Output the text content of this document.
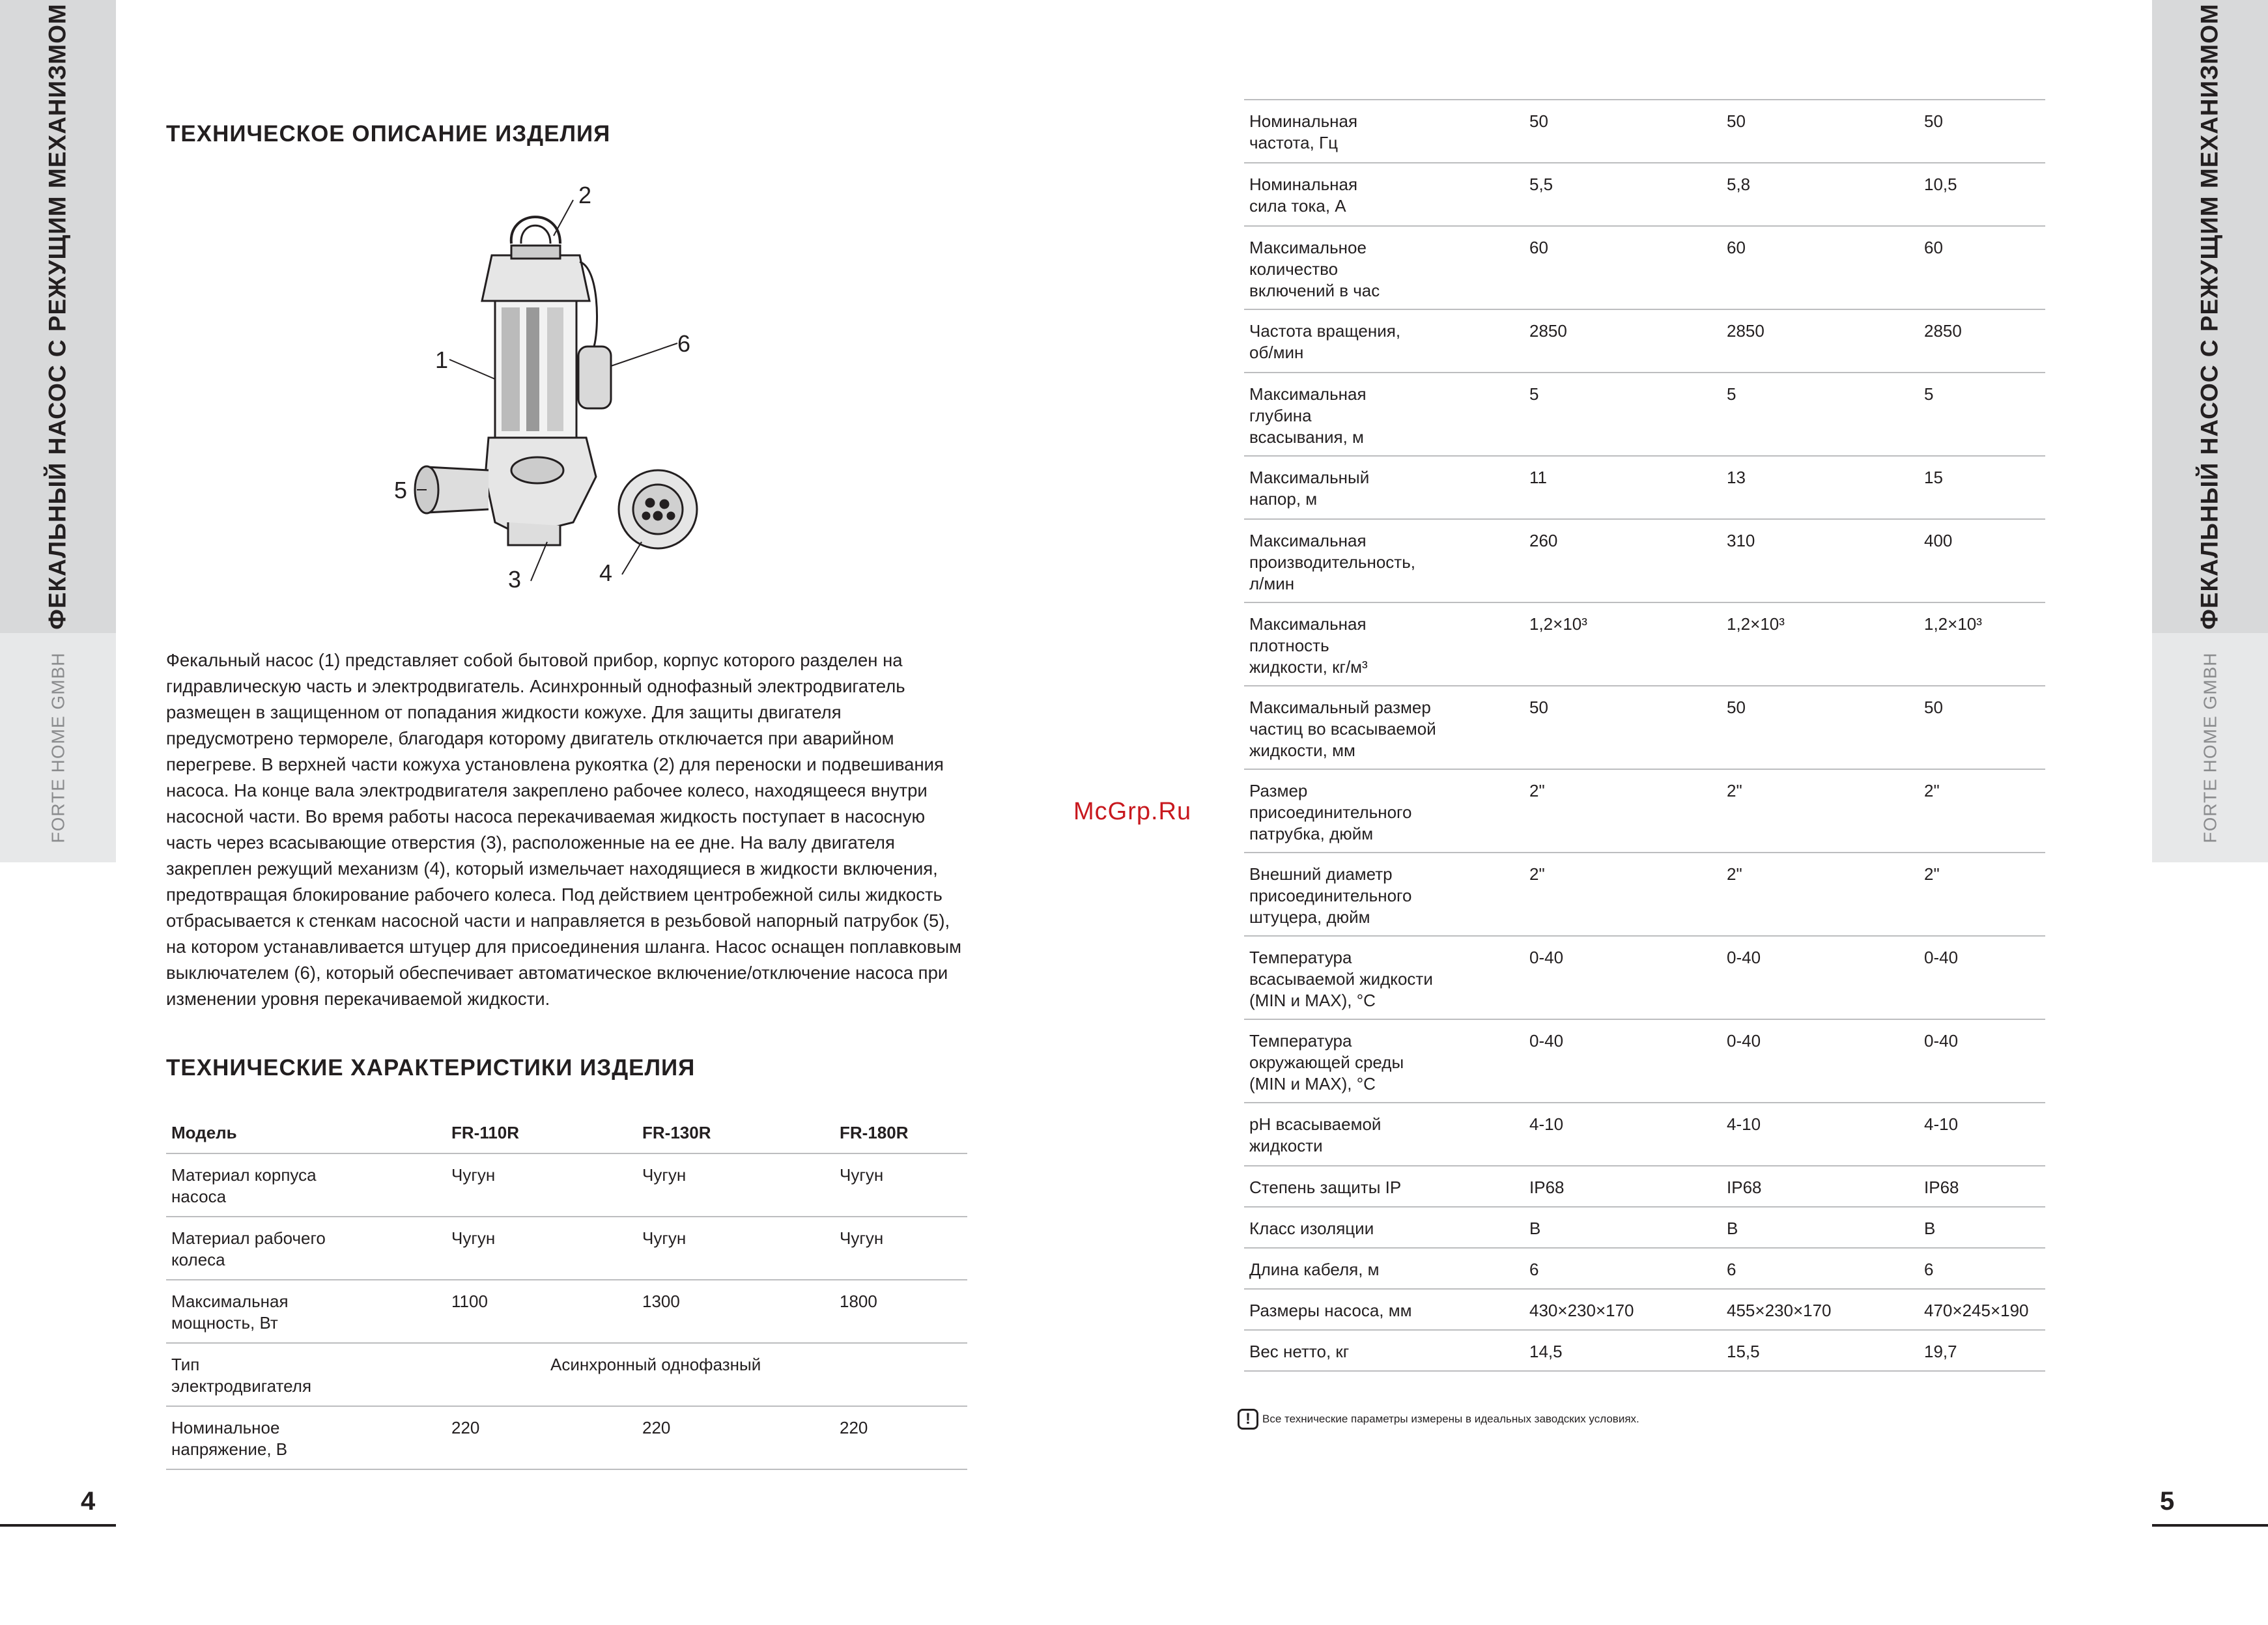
ФЕКАЛЬНЫЙ НАСОС С РЕЖУЩИМ МЕХАНИЗМОМ
FORTE HOME GMBH
4
ФЕКАЛЬНЫЙ НАСОС С РЕЖУЩИМ МЕХАНИЗМОМ
FORTE HOME GMBH
5
ТЕХНИЧЕСКОЕ ОПИСАНИЕ ИЗДЕЛИЯ
ТЕХНИЧЕСКИЕ ХАРАКТЕРИСТИКИ ИЗДЕЛИЯ
1
2
3	4
5
6

Фекальный насос (1) представляет собой бытовой прибор, корпус которого разделен на

гидравлическую часть и электродвигатель. Асинхронный однофазный электродвигатель

размещен в защищенном от попадания жидкости кожухе. Для защиты двигателя

предусмотрено термореле, благодаря которому двигатель отключается при аварийном

перегреве. В верхней части кожуха установлена рукоятка (2) для переноски и подвешивания

насоса. На конце вала электродвигателя закреплено рабочее колесо, находящееся внутри

насосной части. Во время работы насоса перекачиваемая жидкость поступает в насосную

часть через всасывающие отверстия (3), расположенные на ее дне. На валу двигателя

закреплен режущий механизм (4), который измельчает находящиеся в жидкости включения,

предотвращая блокирование рабочего колеса. Под действием центробежной силы жидкость

отбрасывается к стенкам насосной части и направляется в резьбовой напорный патрубок (5),

на котором устанавливается штуцер для присоединения шланга. Насос оснащен поплавковым

выключателем (6), который обеспечивает автоматическое включение/отключение насоса при

изменении уровня перекачиваемой жидкости.

Модель	FR-110R	FR-130R	FR-180R

Материал корпуса
насоса	Чугун	Чугун	Чугун

Материал рабочего
колеса	Чугун	Чугун	Чугун

Максимальная
мощность, Вт	1100	1300	1800

Тип
электродвигателя	Асинхронный однофазный		

Номинальное
напряжение, В	220	220	220
Номинальная
частота, Гц	50	50	50

Номинальная
сила тока, А	5,5	5,8	10,5

Максимальное
количество
включений в час	60	60	60

Частота вращения,
об/мин	2850	2850	2850

Максимальная
глубина
всасывания, м	5	5	5

Максимальный
напор, м	11	13	15

Максимальная
производительность,
л/мин	260	310	400

Максимальная
плотность
жидкости, кг/м³	1,2×10³	1,2×10³	1,2×10³

Максимальный размер
частиц во всасываемой
жидкости, мм	50	50	50

Размер
присоединительного
патрубка, дюйм	2"	2"	2"

Внешний диаметр
присоединительного
штуцера, дюйм	2"	2"	2"

Температура
всасываемой жидкости
(MIN и MAX), °C	0-40	0-40	0-40

Температура
окружающей среды
(MIN и MAX), °C	0-40	0-40	0-40

pH всасываемой
жидкости	4-10	4-10	4-10

Степень защиты IP	IP68	IP68	IP68

Класс изоляции	B	B	B

Длина кабеля, м	6	6	6

Размеры насоса, мм	430×230×170	455×230×170	470×245×190

Вес нетто, кг	14,5	15,5	19,7
McGrp.Ru
!	Все технические параметры измерены в идеальных заводских условиях.
